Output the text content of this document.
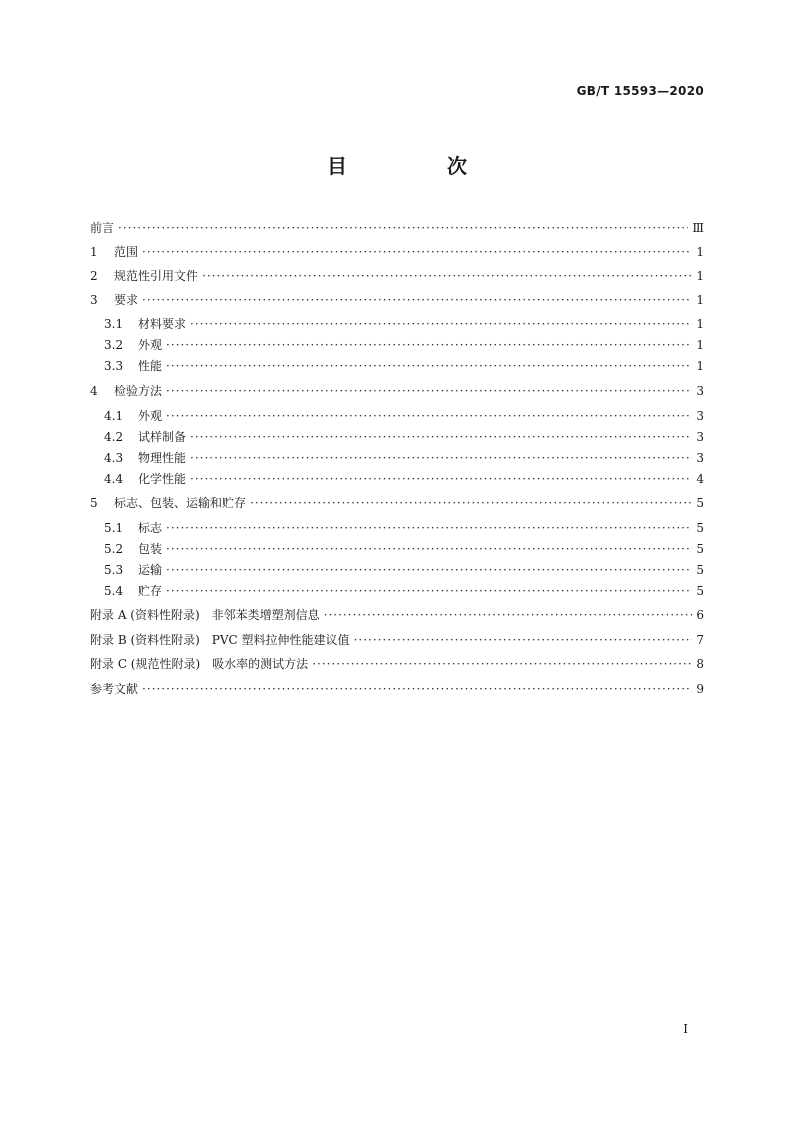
GB/T 15593—2020
目　次
前言 ·····	Ⅲ
1	范围 ·····	1
2	规范性引用文件 ·····	1
3	要求 ·····	1
3.1	材料要求 ·····	1
3.2	外观 ·····	1
3.3	性能 ·····	1
4	检验方法 ·····	3
4.1	外观 ·····	3
4.2	试样制备 ·····	3
4.3	物理性能 ·····	3
4.4	化学性能 ·····	4
5	标志、包装、运输和贮存 ·····	5
5.1	标志 ·····	5
5.2	包装 ·····	5
5.3	运输 ·····	5
5.4	贮存 ·····	5
附录 A (资料性附录)　非邻苯类增塑剂信息 ·····	6
附录 B (资料性附录)　PVC 塑料拉伸性能建议值 ·····	7
附录 C (规范性附录)　吸水率的测试方法 ·····	8
参考文献 ·····	9
I
